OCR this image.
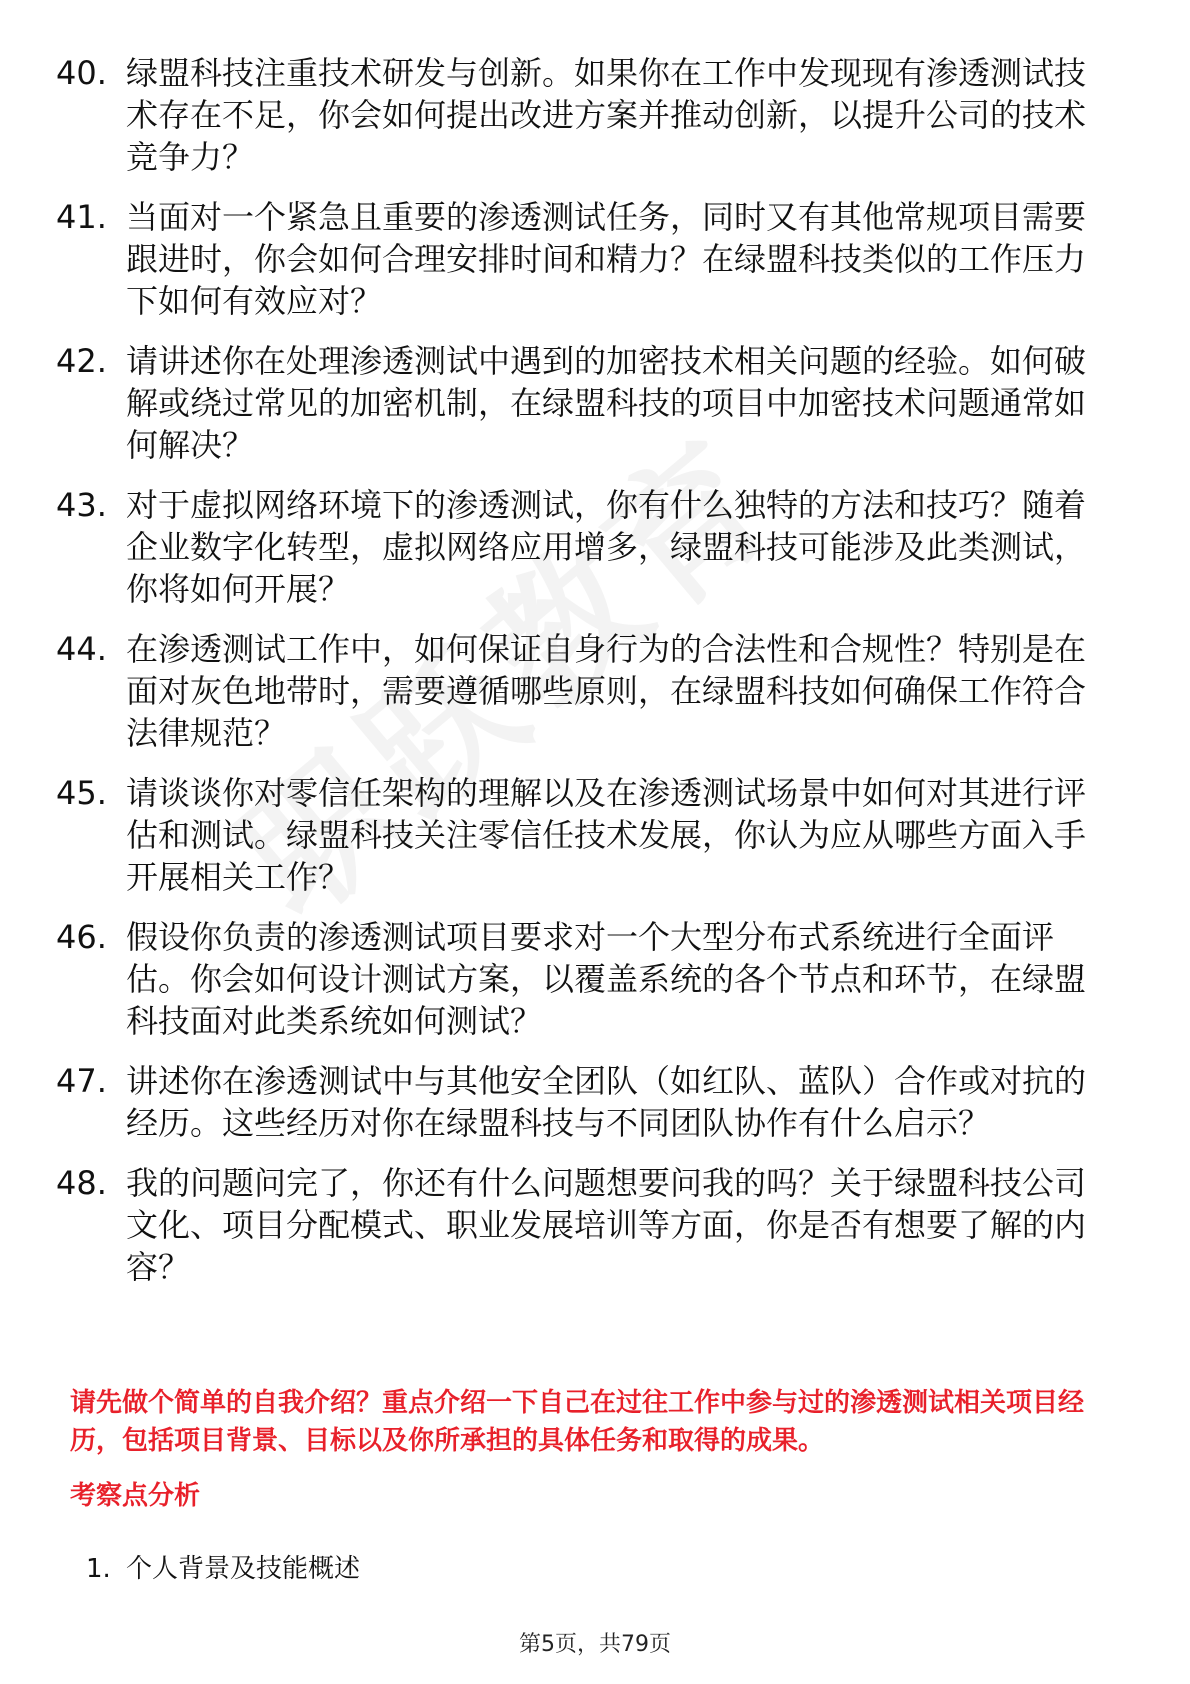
40. 绿盟科技注重技术研发与创新。如果你在工作中发现现有渗透测试技术存在不足，你会如何提出改进方案并推动创新，以提升公司的技术竞争力？
41. 当面对一个紧急且重要的渗透测试任务，同时又有其他常规项目需要跟进时，你会如何合理安排时间和精力？在绿盟科技类似的工作压力下如何有效应对？
42. 请讲述你在处理渗透测试中遇到的加密技术相关问题的经验。如何破解或绕过常见的加密机制，在绿盟科技的项目中加密技术问题通常如何解决？
43. 对于虚拟网络环境下的渗透测试，你有什么独特的方法和技巧？随着企业数字化转型，虚拟网络应用增多，绿盟科技可能涉及此类测试，你将如何开展？
44. 在渗透测试工作中，如何保证自身行为的合法性和合规性？特别是在面对灰色地带时，需要遵循哪些原则，在绿盟科技如何确保工作符合法律规范？
45. 请谈谈你对零信任架构的理解以及在渗透测试场景中如何对其进行评估和测试。绿盟科技关注零信任技术发展，你认为应从哪些方面入手开展相关工作？
46. 假设你负责的渗透测试项目要求对一个大型分布式系统进行全面评估。你会如何设计测试方案，以覆盖系统的各个节点和环节，在绿盟科技面对此类系统如何测试？
47. 讲述你在渗透测试中与其他安全团队（如红队、蓝队）合作或对抗的经历。这些经历对你在绿盟科技与不同团队协作有什么启示？
48. 我的问题问完了，你还有什么问题想要问我的吗？关于绿盟科技公司文化、项目分配模式、职业发展培训等方面，你是否有想要了解的内容？
请先做个简单的自我介绍？重点介绍一下自己在过往工作中参与过的渗透测试相关项目经历，包括项目背景、目标以及你所承担的具体任务和取得的成果。
考察点分析
1. 个人背景及技能概述
第5页，共79页
